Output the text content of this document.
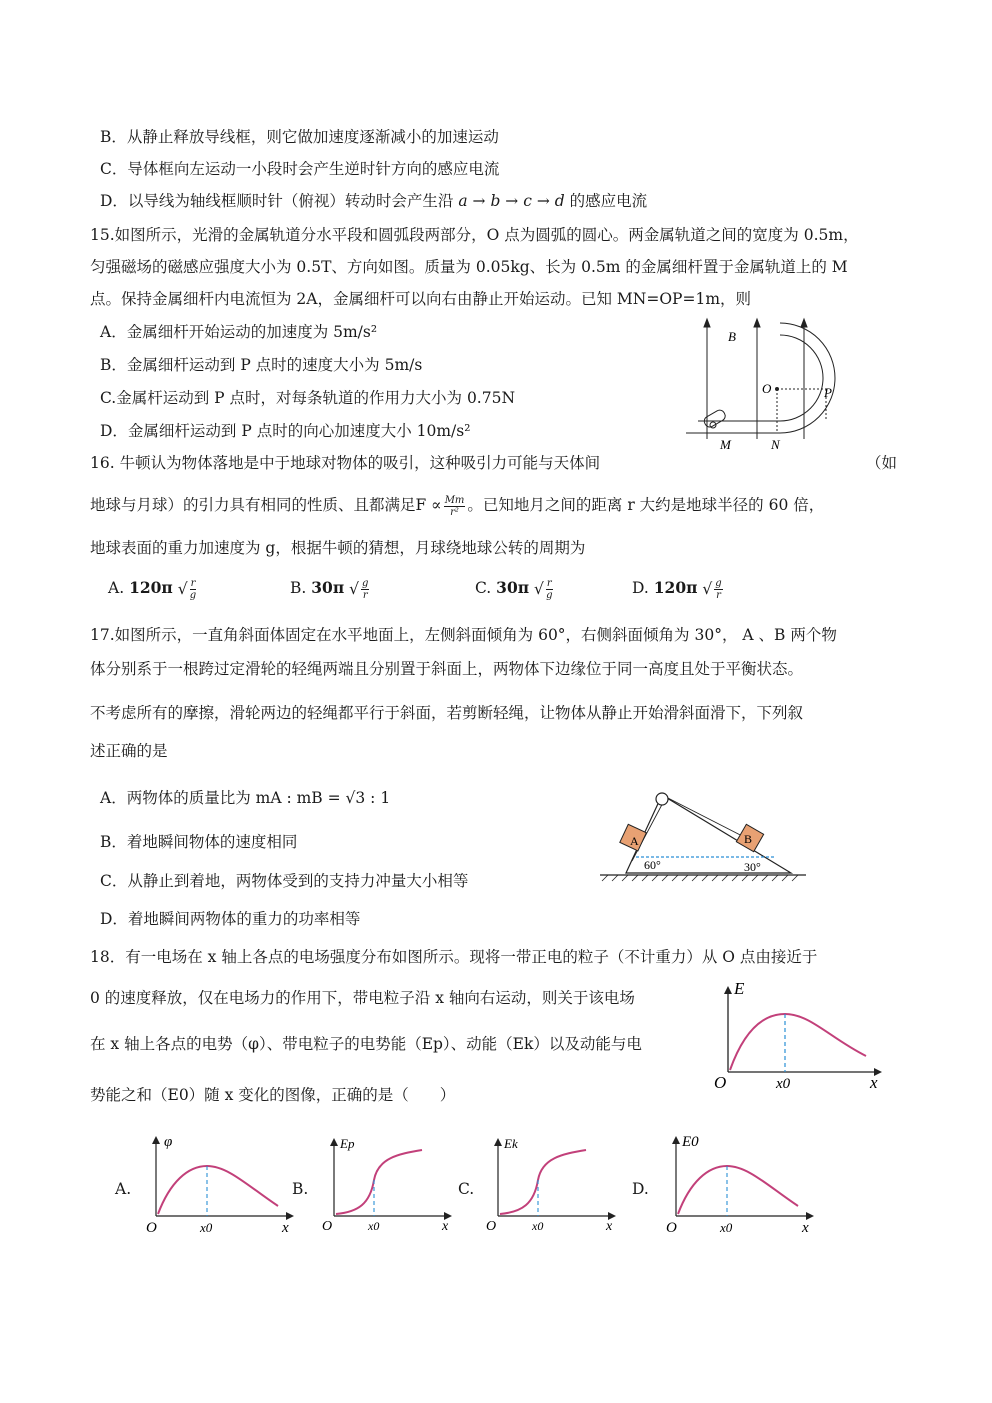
B．从静止释放导线框，则它做加速度逐渐减小的加速运动
C．导体框向左运动一小段时会产生逆时针方向的感应电流
D．以导线为轴线框顺时针（俯视）转动时会产生沿 a → b → c → d 的感应电流
15.如图所示，光滑的金属轨道分水平段和圆弧段两部分，O 点为圆弧的圆心。两金属轨道之间的宽度为 0.5m，
匀强磁场的磁感应强度大小为 0.5T、方向如图。质量为 0.05kg、长为 0.5m 的金属细杆置于金属轨道上的 M
点。保持金属细杆内电流恒为 2A，金属细杆可以向右由静止开始运动。已知 MN=OP=1m，则
A．金属细杆开始运动的加速度为 5m/s²
B．金属细杆运动到 P 点时的速度大小为 5m/s
C.金属杆运动到 P 点时，对每条轨道的作用力大小为 0.75N
D．金属细杆运动到 P 点时的向心加速度大小 10m/s²
B
O	P
M	N
16. 牛顿认为物体落地是中于地球对物体的吸引，这种吸引力可能与天体间	（如
地球与月球）的引力具有相同的性质、且都满足$F \propto \frac{Mm}{\text{r²}}$ 。已知地月之间的距离 r 大约是地球半径的 60 倍，
地球表面的重力加速度为 g，根据牛顿的猜想，月球绕地球公转的周期为
A. 120π √ $\frac{r}{g}$	B. 30π √ $\frac{g}{r}$	C. 30π √ $\frac{r}{g}$	D. 120π √ $\frac{g}{r}$
17.如图所示，一直角斜面体固定在水平地面上，左侧斜面倾角为 60°，右侧斜面倾角为 30°， A 、B 两个物
体分别系于一根跨过定滑轮的轻绳两端且分别置于斜面上，两物体下边缘位于同一高度且处于平衡状态。
不考虑所有的摩擦，滑轮两边的轻绳都平行于斜面，若剪断轻绳，让物体从静止开始滑斜面滑下，下列叙
述正确的是
A．两物体的质量比为 mA : mB = √3 : 1
B．着地瞬间物体的速度相同
C．从静止到着地，两物体受到的支持力冲量大小相等
D．着地瞬间两物体的重力的功率相等
A	B
60°	30°
18．有一电场在 x 轴上各点的电场强度分布如图所示。现将一带正电的粒子（不计重力）从 O 点由接近于
0 的速度释放，仅在电场力的作用下，带电粒子沿 x 轴向右运动，则关于该电场
在 x 轴上各点的电势（φ）、带电粒子的电势能（Ep）、动能（Ek）以及动能与电
势能之和（E0）随 x 变化的图像，正确的是（　　）
E
O	x0	x
A.
φ
O	x0	x
B.
Ep
O	x0	x
C.
Ek
O	x0	x
D.
E0
O	x0	x
